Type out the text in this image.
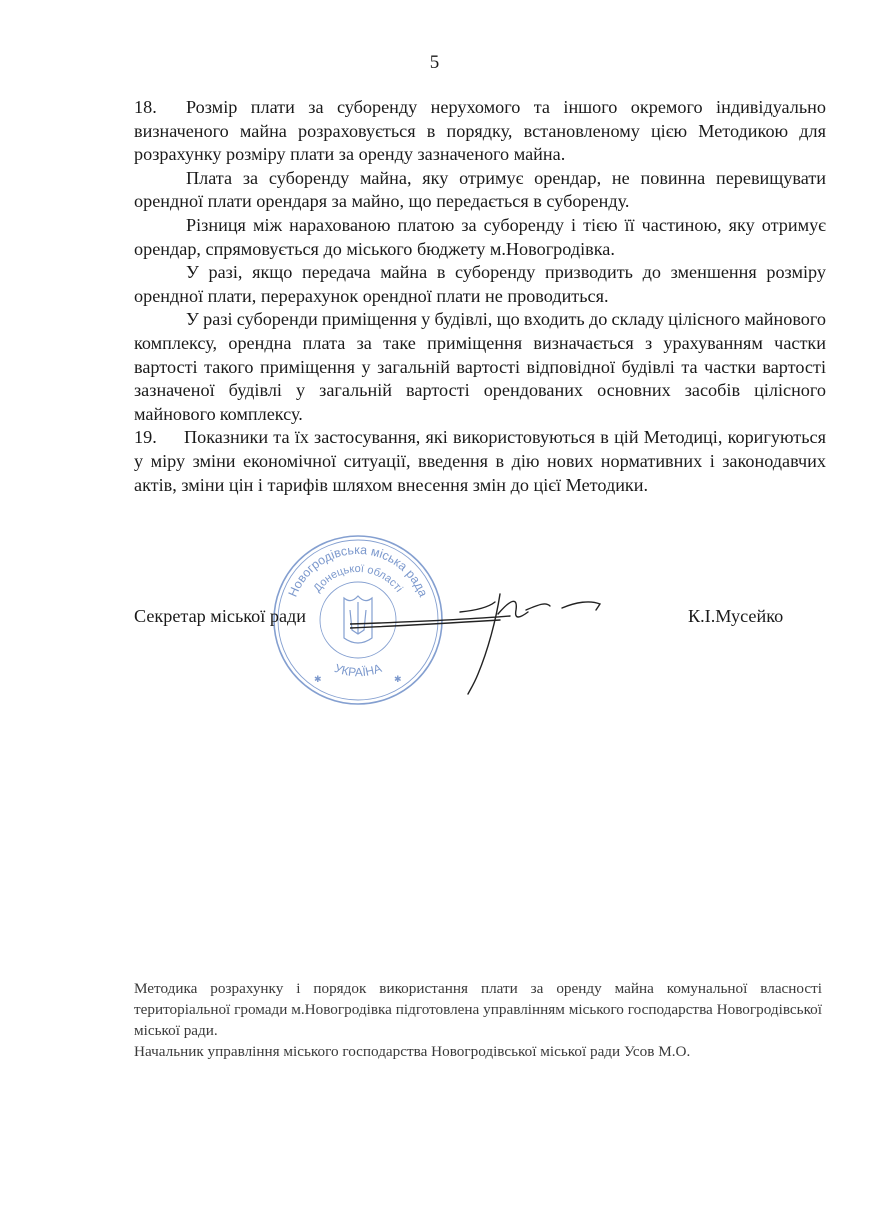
5

18. Розмір плати за суборенду нерухомого та іншого окремого індивідуально визначеного майна розраховується в порядку, встановленому цією Методикою для розрахунку розміру плати за оренду зазначеного майна.

Плата за суборенду майна, яку отримує орендар, не повинна перевищувати орендної плати орендаря за майно, що передається в суборенду.

Різниця між нарахованою платою за суборенду і тією її частиною, яку отримує орендар, спрямовується до міського бюджету м.Новогродівка.

У разі, якщо передача майна в суборенду призводить до зменшення розміру орендної плати, перерахунок орендної плати не проводиться.

У разі суборенди приміщення у будівлі, що входить до складу цілісного майнового комплексу, орендна плата за таке приміщення визначається з урахуванням частки вартості такого приміщення у загальній вартості відповідної будівлі та частки вартості зазначеної будівлі у загальній вартості орендованих основних засобів цілісного майнового комплексу.

19. Показники та їх застосування, які використовуються в цій Методиці, коригуються у міру зміни економічної ситуації, введення в дію нових нормативних і законодавчих актів, зміни цін і тарифів шляхом внесення змін до цієї Методики.

Новогродівська міська рада
Донецької області
УКРАЇНА
✱	✱
Секретар міської ради	К.І.Мусейко

Методика розрахунку і порядок використання плати за оренду майна комунальної власності територіальної громади м.Новогродівка підготовлена управлінням міського господарства Новогродівської міської ради.

Начальник управління міського господарства Новогродівської міської ради Усов М.О.
